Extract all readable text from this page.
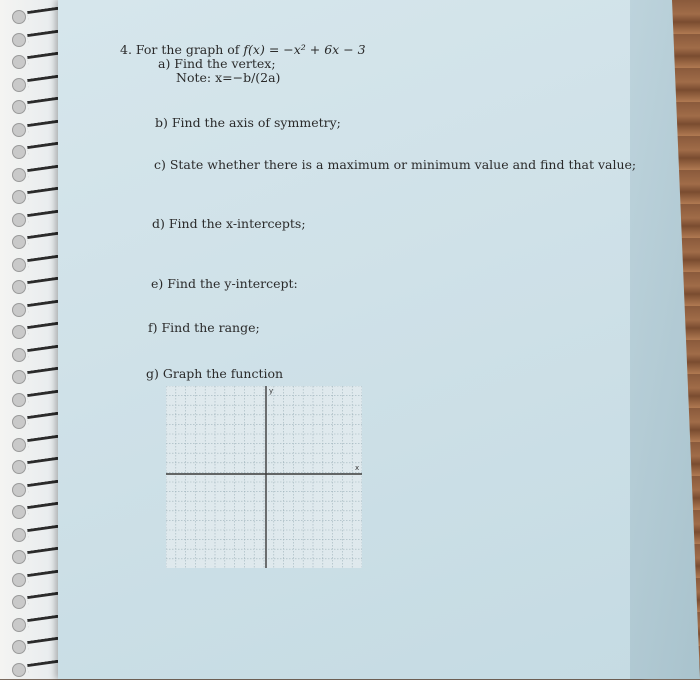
4. For the graph of f(x) = −x² + 6x − 3
a) Find the vertex;
Note: x=−b/(2a)
b) Find the axis of symmetry;
c) State whether there is a maximum or minimum value and find that value;
d) Find the x-intercepts;
e) Find the y-intercept:
f) Find the range;
g) Graph the function
x
y
